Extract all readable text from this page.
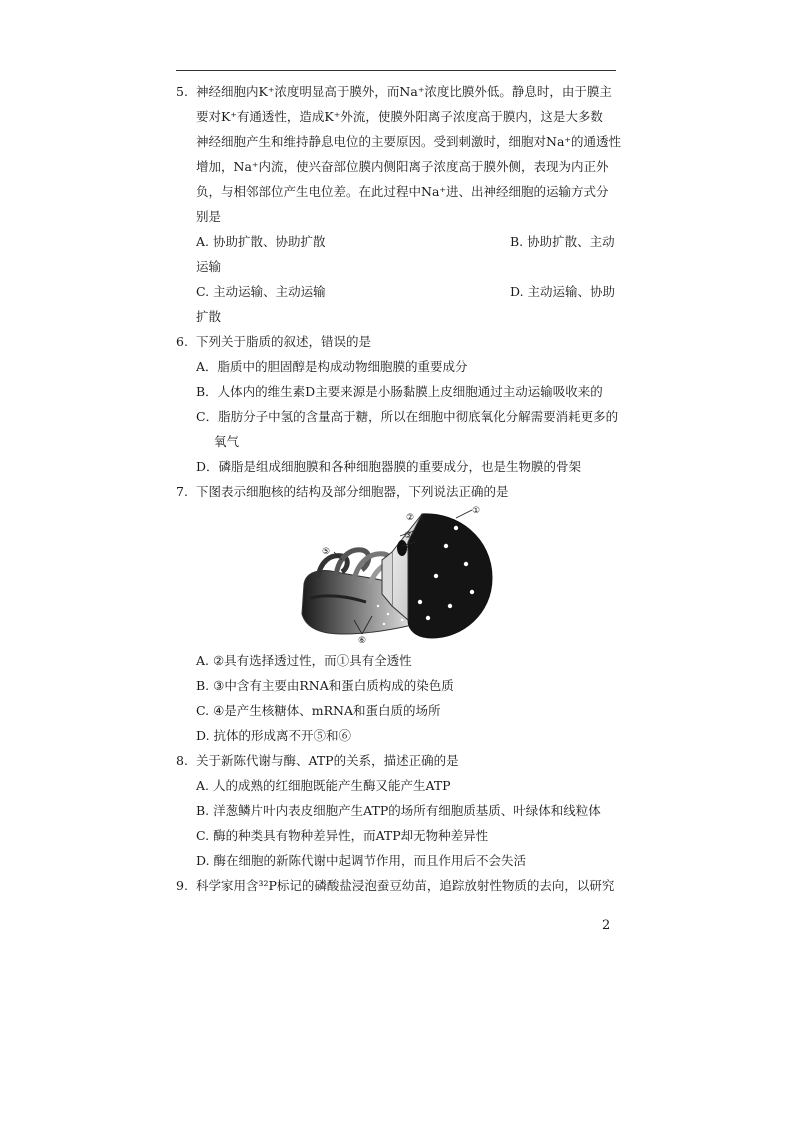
5. 神经细胞内K⁺浓度明显高于膜外，而Na⁺浓度比膜外低。静息时，由于膜主
要对K⁺有通透性，造成K⁺外流，使膜外阳离子浓度高于膜内，这是大多数
神经细胞产生和维持静息电位的主要原因。受到刺激时，细胞对Na⁺的通透性
增加，Na⁺内流，使兴奋部位膜内侧阳离子浓度高于膜外侧，表现为内正外
负，与相邻部位产生电位差。在此过程中Na⁺进、出神经细胞的运输方式分
别是
A. 协助扩散、协助扩散	B. 协助扩散、主动
运输
C. 主动运输、主动运输	D. 主动运输、协助
扩散
6. 下列关于脂质的叙述，错误的是
A．脂质中的胆固醇是构成动物细胞膜的重要成分
B．人体内的维生素D主要来源是小肠黏膜上皮细胞通过主动运输吸收来的
C．脂肪分子中氢的含量高于糖，所以在细胞中彻底氧化分解需要消耗更多的
氧气
D．磷脂是组成细胞膜和各种细胞器膜的重要成分，也是生物膜的骨架
7. 下图表示细胞核的结构及部分细胞器，下列说法正确的是
①
②
③
④
⑤
⑥
A. ②具有选择透过性，而①具有全透性
B. ③中含有主要由RNA和蛋白质构成的染色质
C. ④是产生核糖体、mRNA和蛋白质的场所
D. 抗体的形成离不开⑤和⑥
8. 关于新陈代谢与酶、ATP的关系，描述正确的是
A. 人的成熟的红细胞既能产生酶又能产生ATP
B. 洋葱鳞片叶内表皮细胞产生ATP的场所有细胞质基质、叶绿体和线粒体
C. 酶的种类具有物种差异性，而ATP却无物种差异性
D. 酶在细胞的新陈代谢中起调节作用，而且作用后不会失活
9. 科学家用含³²P标记的磷酸盐浸泡蚕豆幼苗，追踪放射性物质的去向，以研究
2
